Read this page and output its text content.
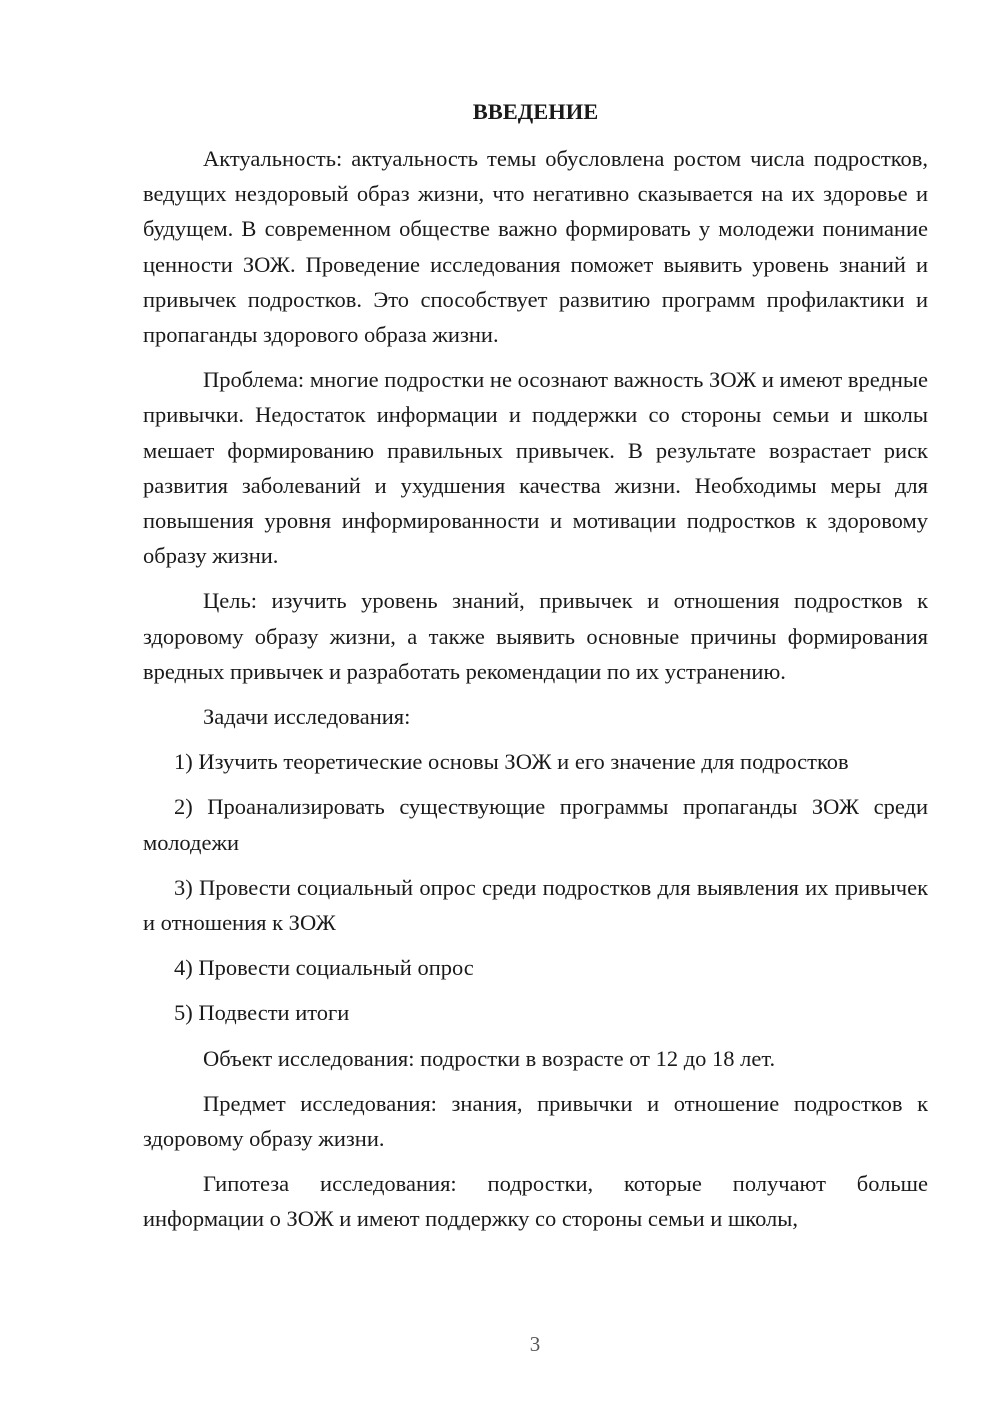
ВВЕДЕНИЕ

Актуальность: актуальность темы обусловлена ростом числа подростков, ведущих нездоровый образ жизни, что негативно сказывается на их здоровье и будущем. В современном обществе важно формировать у молодежи понимание ценности ЗОЖ. Проведение исследования поможет выявить уровень знаний и привычек подростков. Это способствует развитию программ профилактики и пропаганды здорового образа жизни.

Проблема: многие подростки не осознают важность ЗОЖ и имеют вредные привычки. Недостаток информации и поддержки со стороны семьи и школы мешает формированию правильных привычек. В результате возрастает риск развития заболеваний и ухудшения качества жизни. Необходимы меры для повышения уровня информированности и мотивации подростков к здоровому образу жизни.

Цель: изучить уровень знаний, привычек и отношения подростков к здоровому образу жизни, а также выявить основные причины формирования вредных привычек и разработать рекомендации по их устранению.

Задачи исследования:

1) Изучить теоретические основы ЗОЖ и его значение для подростков

2) Проанализировать существующие программы пропаганды ЗОЖ среди молодежи

3) Провести социальный опрос среди подростков для выявления их привычек и отношения к ЗОЖ

4) Провести социальный опрос

5) Подвести итоги

Объект исследования: подростки в возрасте от 12 до 18 лет.

Предмет исследования: знания, привычки и отношение подростков к здоровому образу жизни.

Гипотеза исследования: подростки, которые получают больше информации о ЗОЖ и имеют поддержку со стороны семьи и школы,

3
